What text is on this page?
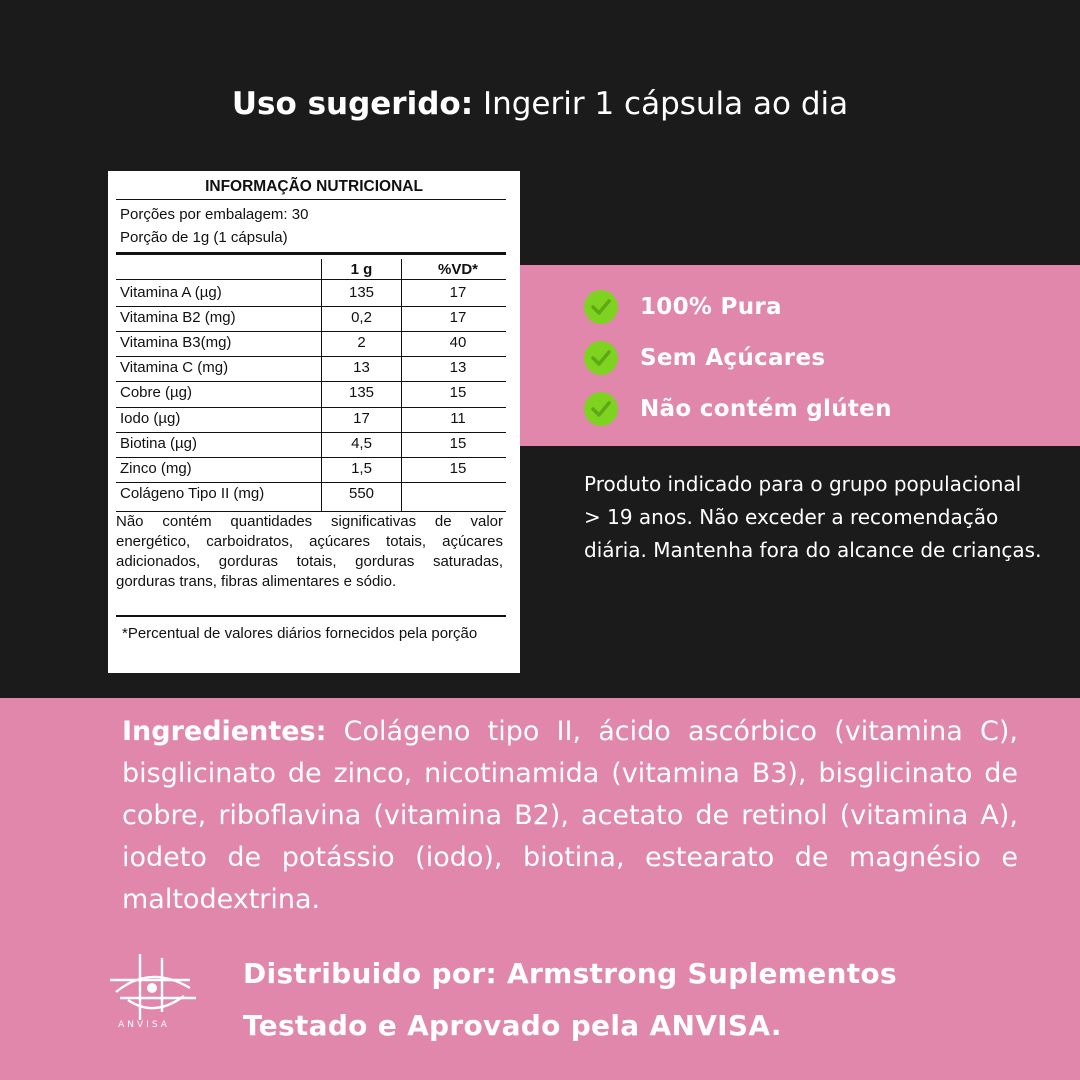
Uso sugerido: Ingerir 1 cápsula ao dia
INFORMAÇÃO NUTRICIONAL
Porções por embalagem: 30
Porção de 1g (1 cápsula)
1 g	%VD*
Vitamina A (µg)	135	17
Vitamina B2 (mg)	0,2	17
Vitamina B3(mg)	2	40
Vitamina C (mg)	13	13
Cobre (µg)	135	15
Iodo (µg)	17	11
Biotina (µg)	4,5	15
Zinco (mg)	1,5	15
Colágeno Tipo II (mg)	550
Não contém quantidades significativas de valor energético, carboidratos, açúcares totais, açúcares adicionados, gorduras totais, gorduras saturadas, gorduras trans, fibras alimentares e sódio.
*Percentual de valores diários fornecidos pela porção
100% Pura
Sem Açúcares
Não contém glúten
Produto indicado para o grupo populacional > 19 anos. Não exceder a recomendação diária. Mantenha fora do alcance de crianças.
Ingredientes: Colágeno tipo II, ácido ascórbico (vitamina C), bisglicinato de zinco, nicotinamida (vitamina B3), bisglicinato de cobre, riboflavina (vitamina B2), acetato de retinol (vitamina A), iodeto de potássio (iodo), biotina, estearato de magnésio e maltodextrina.
ANVISA
Distribuido por: Armstrong Suplementos
Testado e Aprovado pela ANVISA.
